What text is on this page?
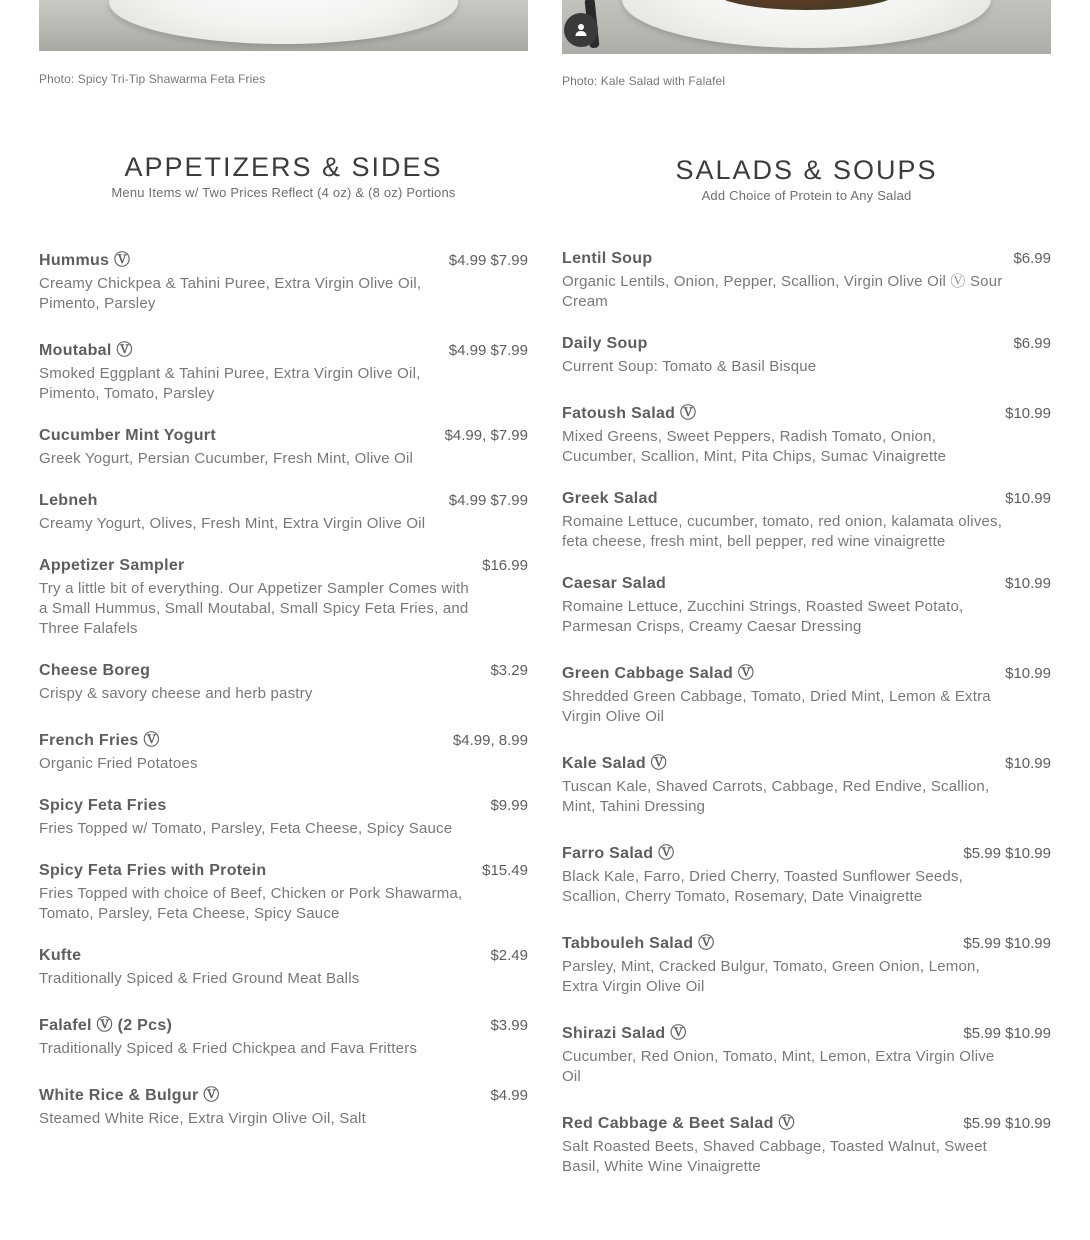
Photo: Spicy Tri-Tip Shawarma Feta Fries
APPETIZERS & SIDES
Menu Items w/ Two Prices Reflect (4 oz) & (8 oz) Portions
Hummus Ⓥ	$4.99 $7.99
Creamy Chickpea & Tahini Puree, Extra Virgin Olive Oil, Pimento, Parsley
Moutabal Ⓥ	$4.99 $7.99
Smoked Eggplant & Tahini Puree, Extra Virgin Olive Oil, Pimento, Tomato, Parsley
Cucumber Mint Yogurt	$4.99, $7.99
Greek Yogurt, Persian Cucumber, Fresh Mint, Olive Oil
Lebneh	$4.99 $7.99
Creamy Yogurt, Olives, Fresh Mint, Extra Virgin Olive Oil
Appetizer Sampler	$16.99
Try a little bit of everything. Our Appetizer Sampler Comes with a Small Hummus, Small Moutabal, Small Spicy Feta Fries, and Three Falafels
Cheese Boreg	$3.29
Crispy & savory cheese and herb pastry
French Fries Ⓥ	$4.99, 8.99
Organic Fried Potatoes
Spicy Feta Fries	$9.99
Fries Topped w/ Tomato, Parsley, Feta Cheese, Spicy Sauce
Spicy Feta Fries with Protein	$15.49
Fries Topped with choice of Beef, Chicken or Pork Shawarma, Tomato, Parsley, Feta Cheese, Spicy Sauce
Kufte	$2.49
Traditionally Spiced & Fried Ground Meat Balls
Falafel Ⓥ (2 Pcs)	$3.99
Traditionally Spiced & Fried Chickpea and Fava Fritters
White Rice & Bulgur Ⓥ	$4.99
Steamed White Rice, Extra Virgin Olive Oil, Salt
Photo: Kale Salad with Falafel
SALADS & SOUPS
Add Choice of Protein to Any Salad
Lentil Soup	$6.99
Organic Lentils, Onion, Pepper, Scallion, Virgin Olive Oil Ⓥ Sour Cream
Daily Soup	$6.99
Current Soup: Tomato & Basil Bisque
Fatoush Salad Ⓥ	$10.99
Mixed Greens, Sweet Peppers, Radish Tomato, Onion, Cucumber, Scallion, Mint, Pita Chips, Sumac Vinaigrette
Greek Salad	$10.99
Romaine Lettuce, cucumber, tomato, red onion, kalamata olives, feta cheese, fresh mint, bell pepper, red wine vinaigrette
Caesar Salad	$10.99
Romaine Lettuce, Zucchini Strings, Roasted Sweet Potato, Parmesan Crisps, Creamy Caesar Dressing
Green Cabbage Salad Ⓥ	$10.99
Shredded Green Cabbage, Tomato, Dried Mint, Lemon & Extra Virgin Olive Oil
Kale Salad Ⓥ	$10.99
Tuscan Kale, Shaved Carrots, Cabbage, Red Endive, Scallion, Mint, Tahini Dressing
Farro Salad Ⓥ	$5.99 $10.99
Black Kale, Farro, Dried Cherry, Toasted Sunflower Seeds, Scallion, Cherry Tomato, Rosemary, Date Vinaigrette
Tabbouleh Salad Ⓥ	$5.99 $10.99
Parsley, Mint, Cracked Bulgur, Tomato, Green Onion, Lemon, Extra Virgin Olive Oil
Shirazi Salad Ⓥ	$5.99 $10.99
Cucumber, Red Onion, Tomato, Mint, Lemon, Extra Virgin Olive Oil
Red Cabbage & Beet Salad Ⓥ	$5.99 $10.99
Salt Roasted Beets, Shaved Cabbage, Toasted Walnut, Sweet Basil, White Wine Vinaigrette
